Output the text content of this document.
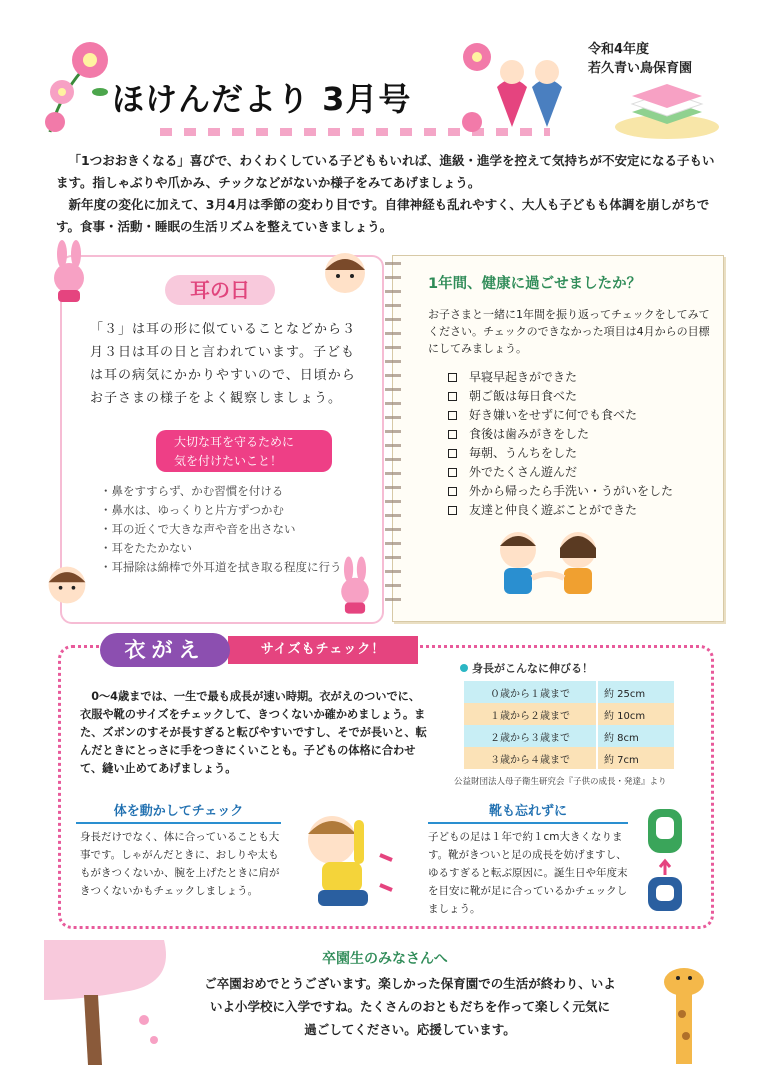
ほけんだより 3月号
令和4年度
若久青い鳥保育園

「1つおおきくなる」喜びで、わくわくしている子どももいれば、進級・進学を控えて気持ちが不安定になる子もいます。指しゃぶりや爪かみ、チックなどがないか様子をみてあげましょう。

新年度の変化に加えて、3月4月は季節の変わり目です。自律神経も乱れやすく、大人も子どもも体調を崩しがちです。食事・活動・睡眠の生活リズムを整えていきましょう。

耳の日
「３」は耳の形に似ていることなどから３月３日は耳の日と言われています。子どもは耳の病気にかかりやすいので、日頃からお子さまの様子をよく観察しましょう。
大切な耳を守るために
気を付けたいこと！
・ 鼻をすすらず、かむ習慣を付ける
・ 鼻水は、ゆっくりと片方ずつかむ
・ 耳の近くで大きな声や音を出さない
・ 耳をたたかない
・ 耳掃除は綿棒で外耳道を拭き取る程度に行う
1年間、健康に過ごせましたか？
お子さまと一緒に1年間を振り返ってチェックをしてみてください。チェックのできなかった項目は4月からの目標にしてみましょう。
早寝早起きができた
朝ご飯は毎日食べた
好き嫌いをせずに何でも食べた
食後は歯みがきをした
毎朝、うんちをした
外でたくさん遊んだ
外から帰ったら手洗い・うがいをした
友達と仲良く遊ぶことができた
サイズもチェック！
衣がえ
0～4歳までは、一生で最も成長が速い時期。衣がえのついでに、衣服や靴のサイズをチェックして、きつくないか確かめましょう。また、ズボンのすそが長すぎると転びやすいですし、そでが長いと、転んだときにとっさに手をつきにくいことも。子どもの体格に合わせて、縫い止めてあげましょう。
身長がこんなに伸びる！
０歳から１歳まで	約 25cm
１歳から２歳まで	約 10cm
２歳から３歳まで	約 8cm
３歳から４歳まで	約 7cm
公益財団法人母子衛生研究会『子供の成長・発達』より
体を動かしてチェック
身長だけでなく、体に合っていることも大事です。しゃがんだときに、おしりや太ももがきつくないか、腕を上げたときに肩がきつくないかもチェックしましょう。
靴も忘れずに
子どもの足は１年で約１cm大きくなります。靴がきついと足の成長を妨げますし、ゆるすぎると転ぶ原因に。誕生日や年度末を目安に靴が足に合っているかチェックしましょう。
卒園生のみなさんへ
ご卒園おめでとうございます。楽しかった保育園での生活が終わり、いよ
いよ小学校に入学ですね。たくさんのおともだちを作って楽しく元気に
過ごしてください。応援しています。
